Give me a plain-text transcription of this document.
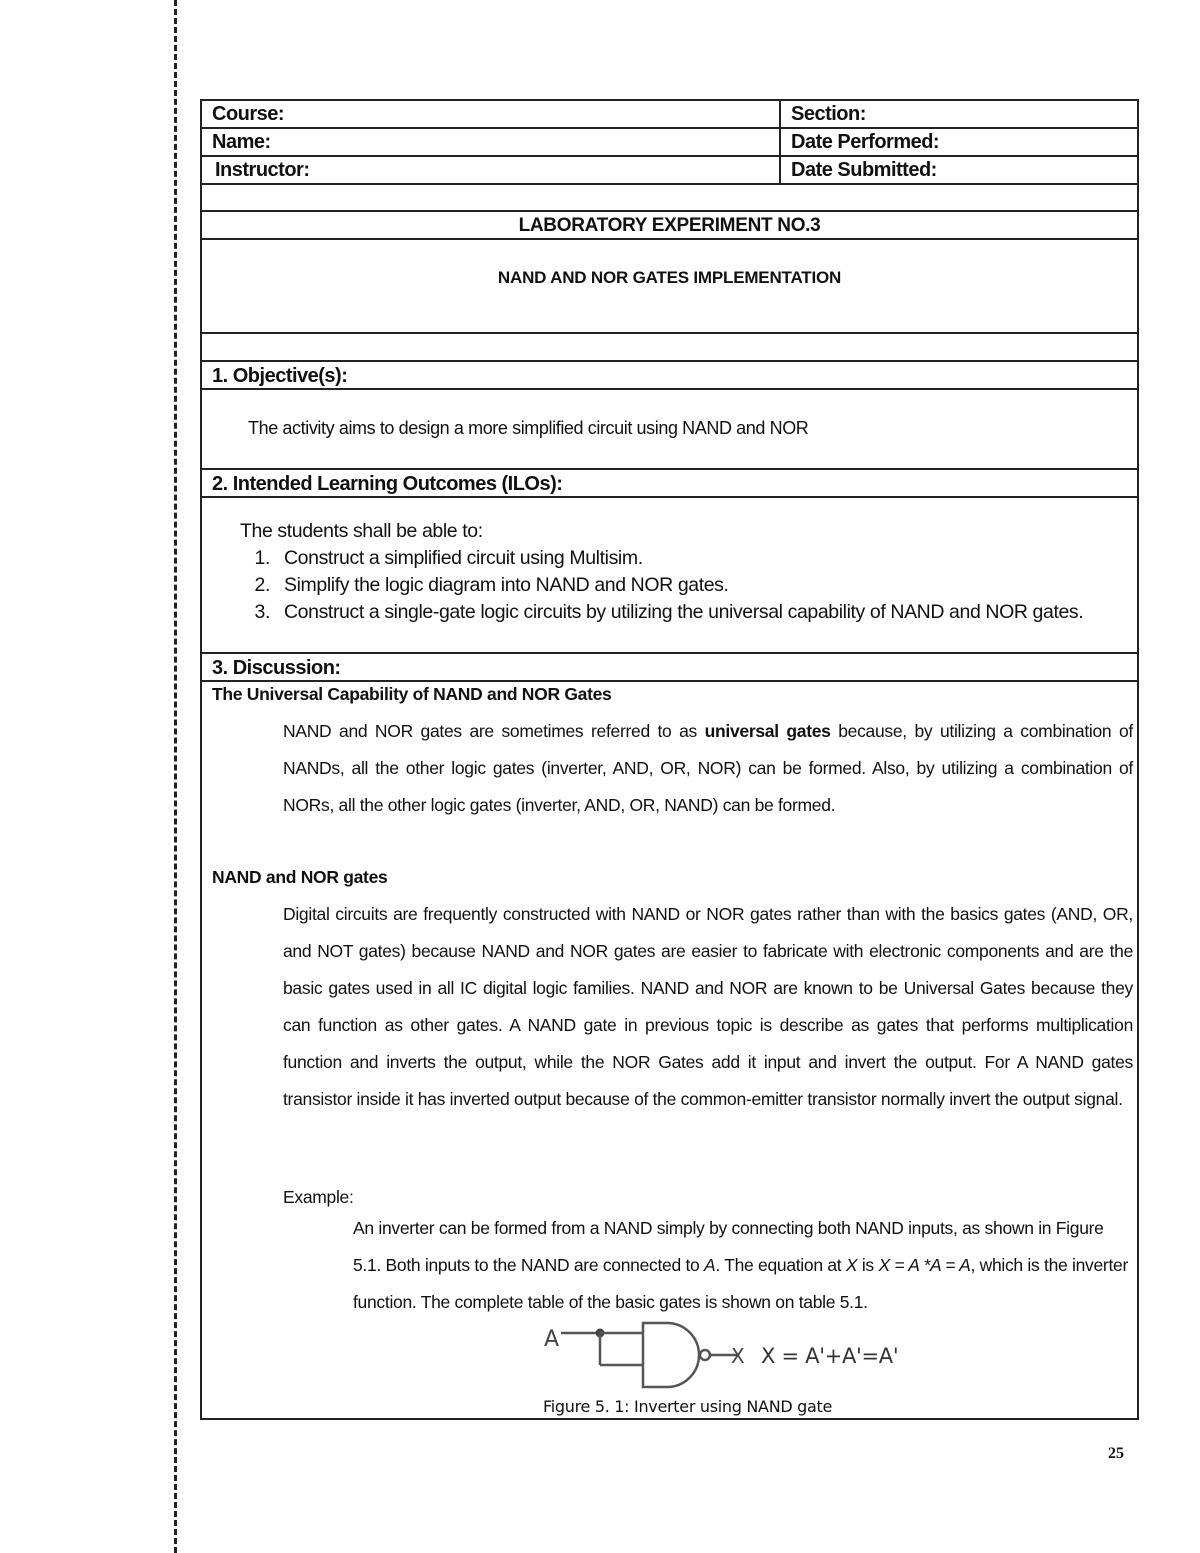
Course:	Section:
Name:	Date Performed:
Instructor:	Date Submitted:
LABORATORY EXPERIMENT NO.3
NAND AND NOR GATES IMPLEMENTATION
1. Objective(s):
The activity aims to design a more simplified circuit using NAND and NOR
2. Intended Learning Outcomes (ILOs):
The students shall be able to:
1. Construct a simplified circuit using Multisim.
2. Simplify the logic diagram into NAND and NOR gates.
3. Construct a single-gate logic circuits by utilizing the universal capability of NAND and NOR gates.
3. Discussion:
The Universal Capability of NAND and NOR Gates
NAND and NOR gates are sometimes referred to as universal gates because, by utilizing a combination of NANDs, all the other logic gates (inverter, AND, OR, NOR) can be formed. Also, by utilizing a combination of NORs, all the other logic gates (inverter, AND, OR, NAND) can be formed.
NAND and NOR gates
Digital circuits are frequently constructed with NAND or NOR gates rather than with the basics gates (AND, OR, and NOT gates) because NAND and NOR gates are easier to fabricate with electronic components and are the basic gates used in all IC digital logic families. NAND and NOR are known to be Universal Gates because they can function as other gates. A NAND gate in previous topic is describe as gates that performs multiplication function and inverts the output, while the NOR Gates add it input and invert the output. For A NAND gates transistor inside it has inverted output because of the common-emitter transistor normally invert the output signal.
Example:
An inverter can be formed from a NAND simply by connecting both NAND inputs, as shown in Figure 5.1. Both inputs to the NAND are connected to A. The equation at X is X = A *A = A, which is the inverter function. The complete table of the basic gates is shown on table 5.1.
A
X X = A'+A'=A'
Figure 5. 1: Inverter using NAND gate
25
